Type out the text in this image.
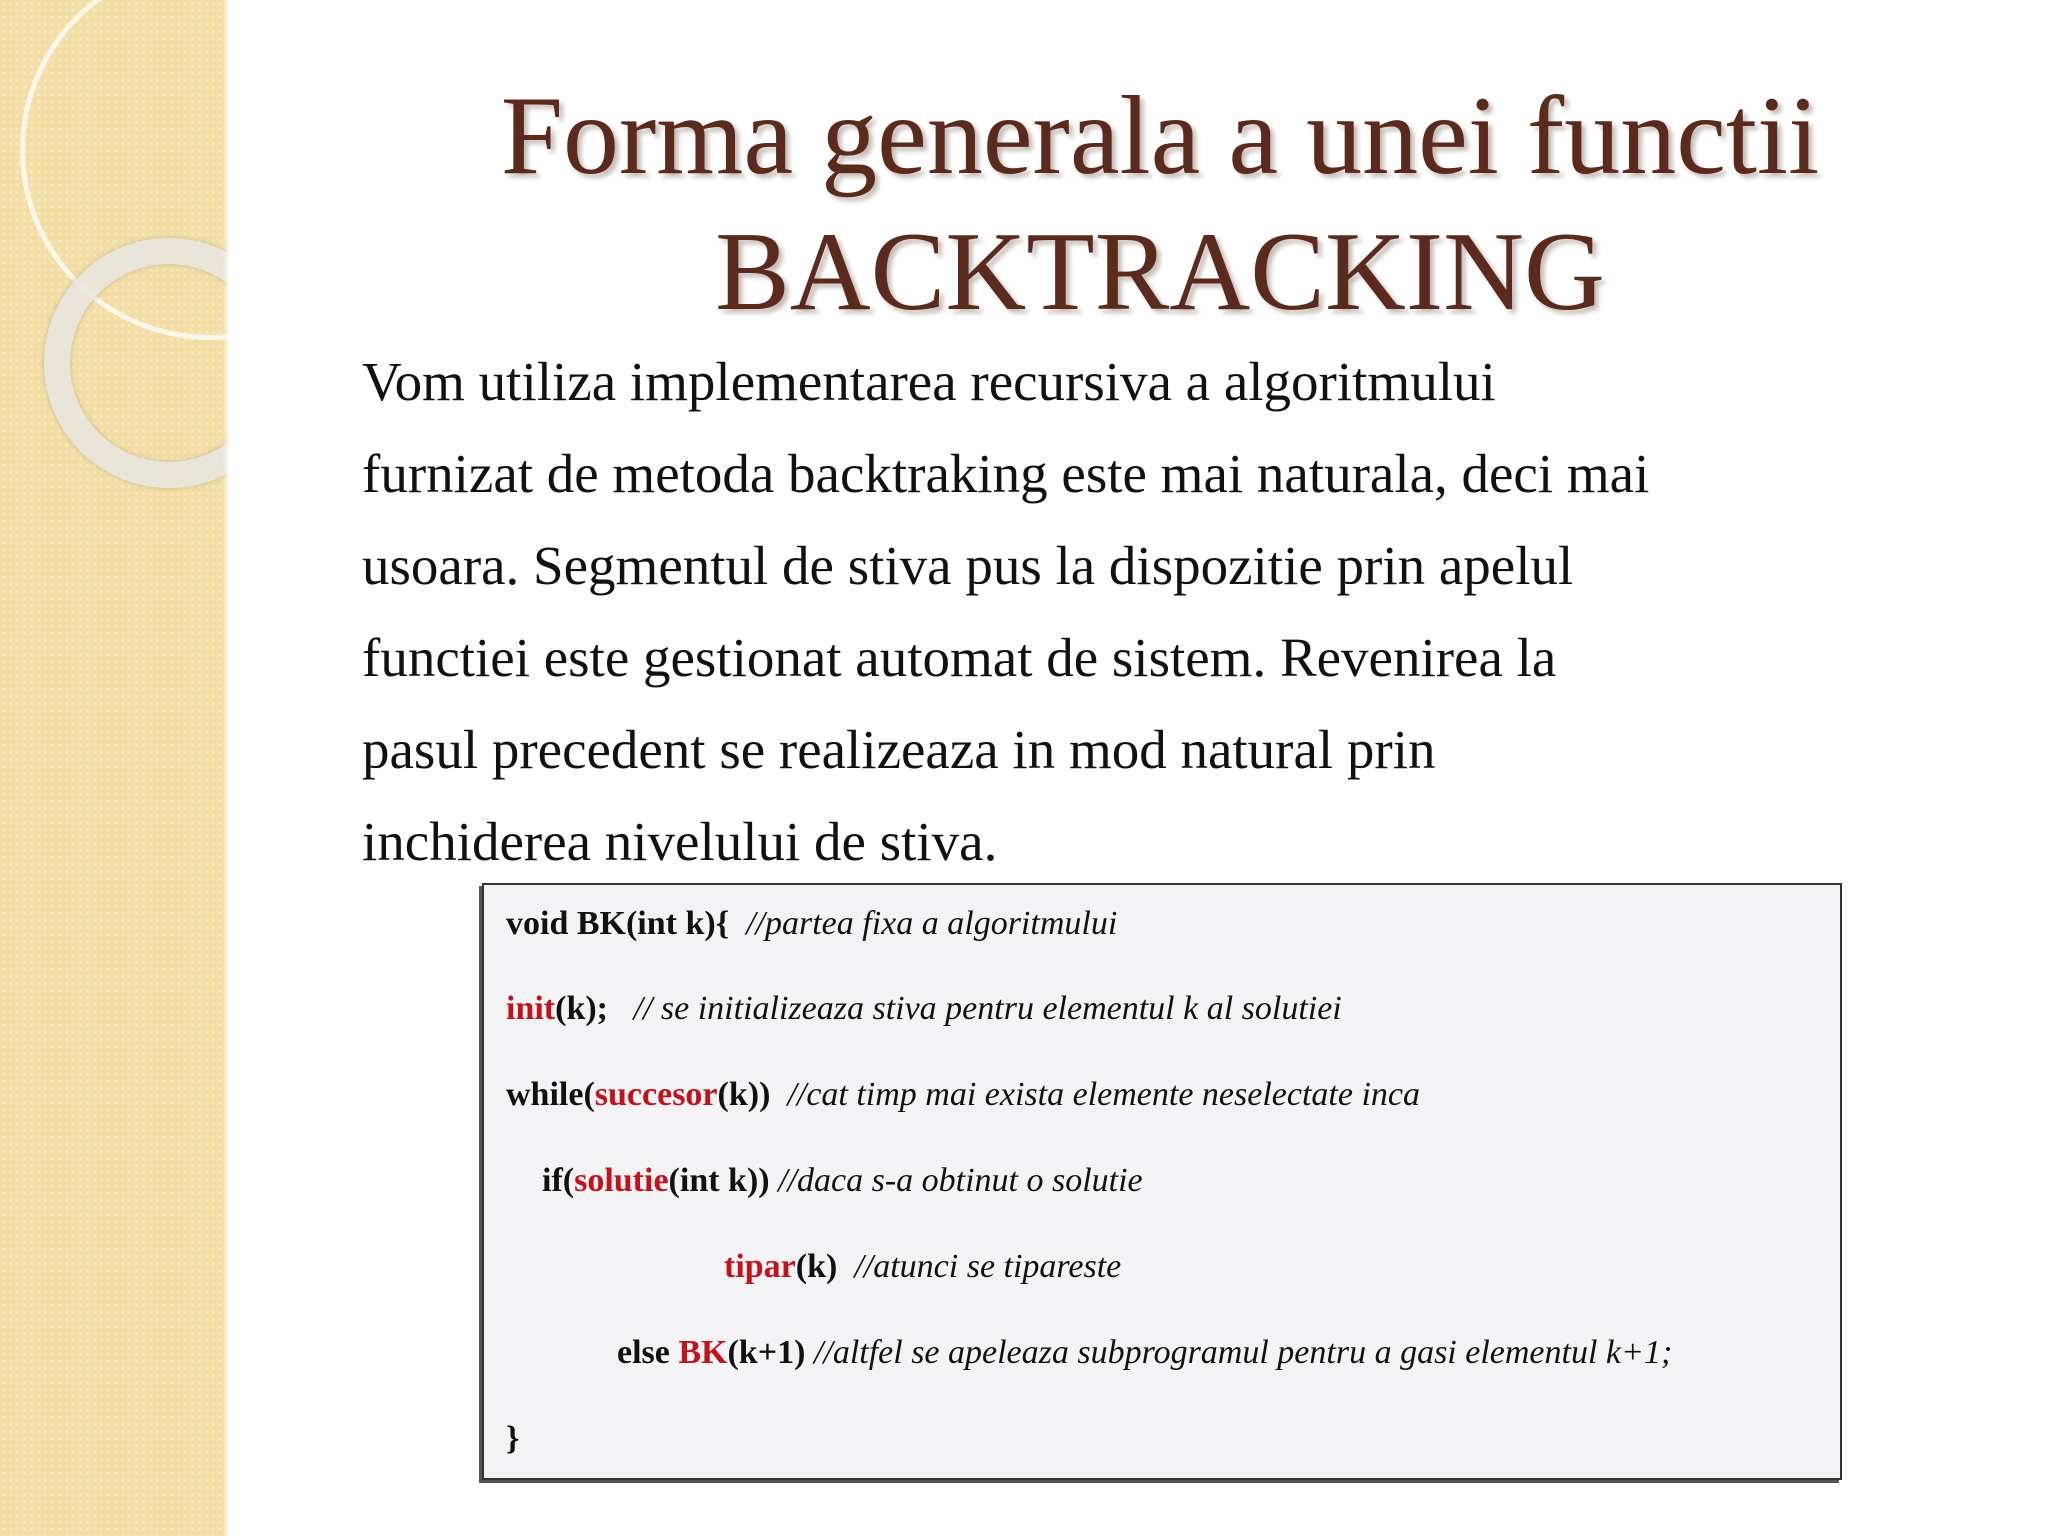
Forma generala a unei functii
BACKTRACKING
Vom utiliza implementarea recursiva a algoritmului
furnizat de metoda backtraking este mai naturala, deci mai
usoara. Segmentul de stiva pus la dispozitie prin apelul
functiei este gestionat automat de sistem. Revenirea la
pasul precedent se realizeaza in mod natural prin
inchiderea nivelului de stiva.
void BK(int k){ //partea fixa a algoritmului
init(k); // se initializeaza stiva pentru elementul k al solutiei
while(succesor(k)) //cat timp mai exista elemente neselectate inca
if(solutie(int k)) //daca s-a obtinut o solutie
tipar(k) //atunci se tipareste
else BK(k+1) //altfel se apeleaza subprogramul pentru a gasi elementul k+1;
}
